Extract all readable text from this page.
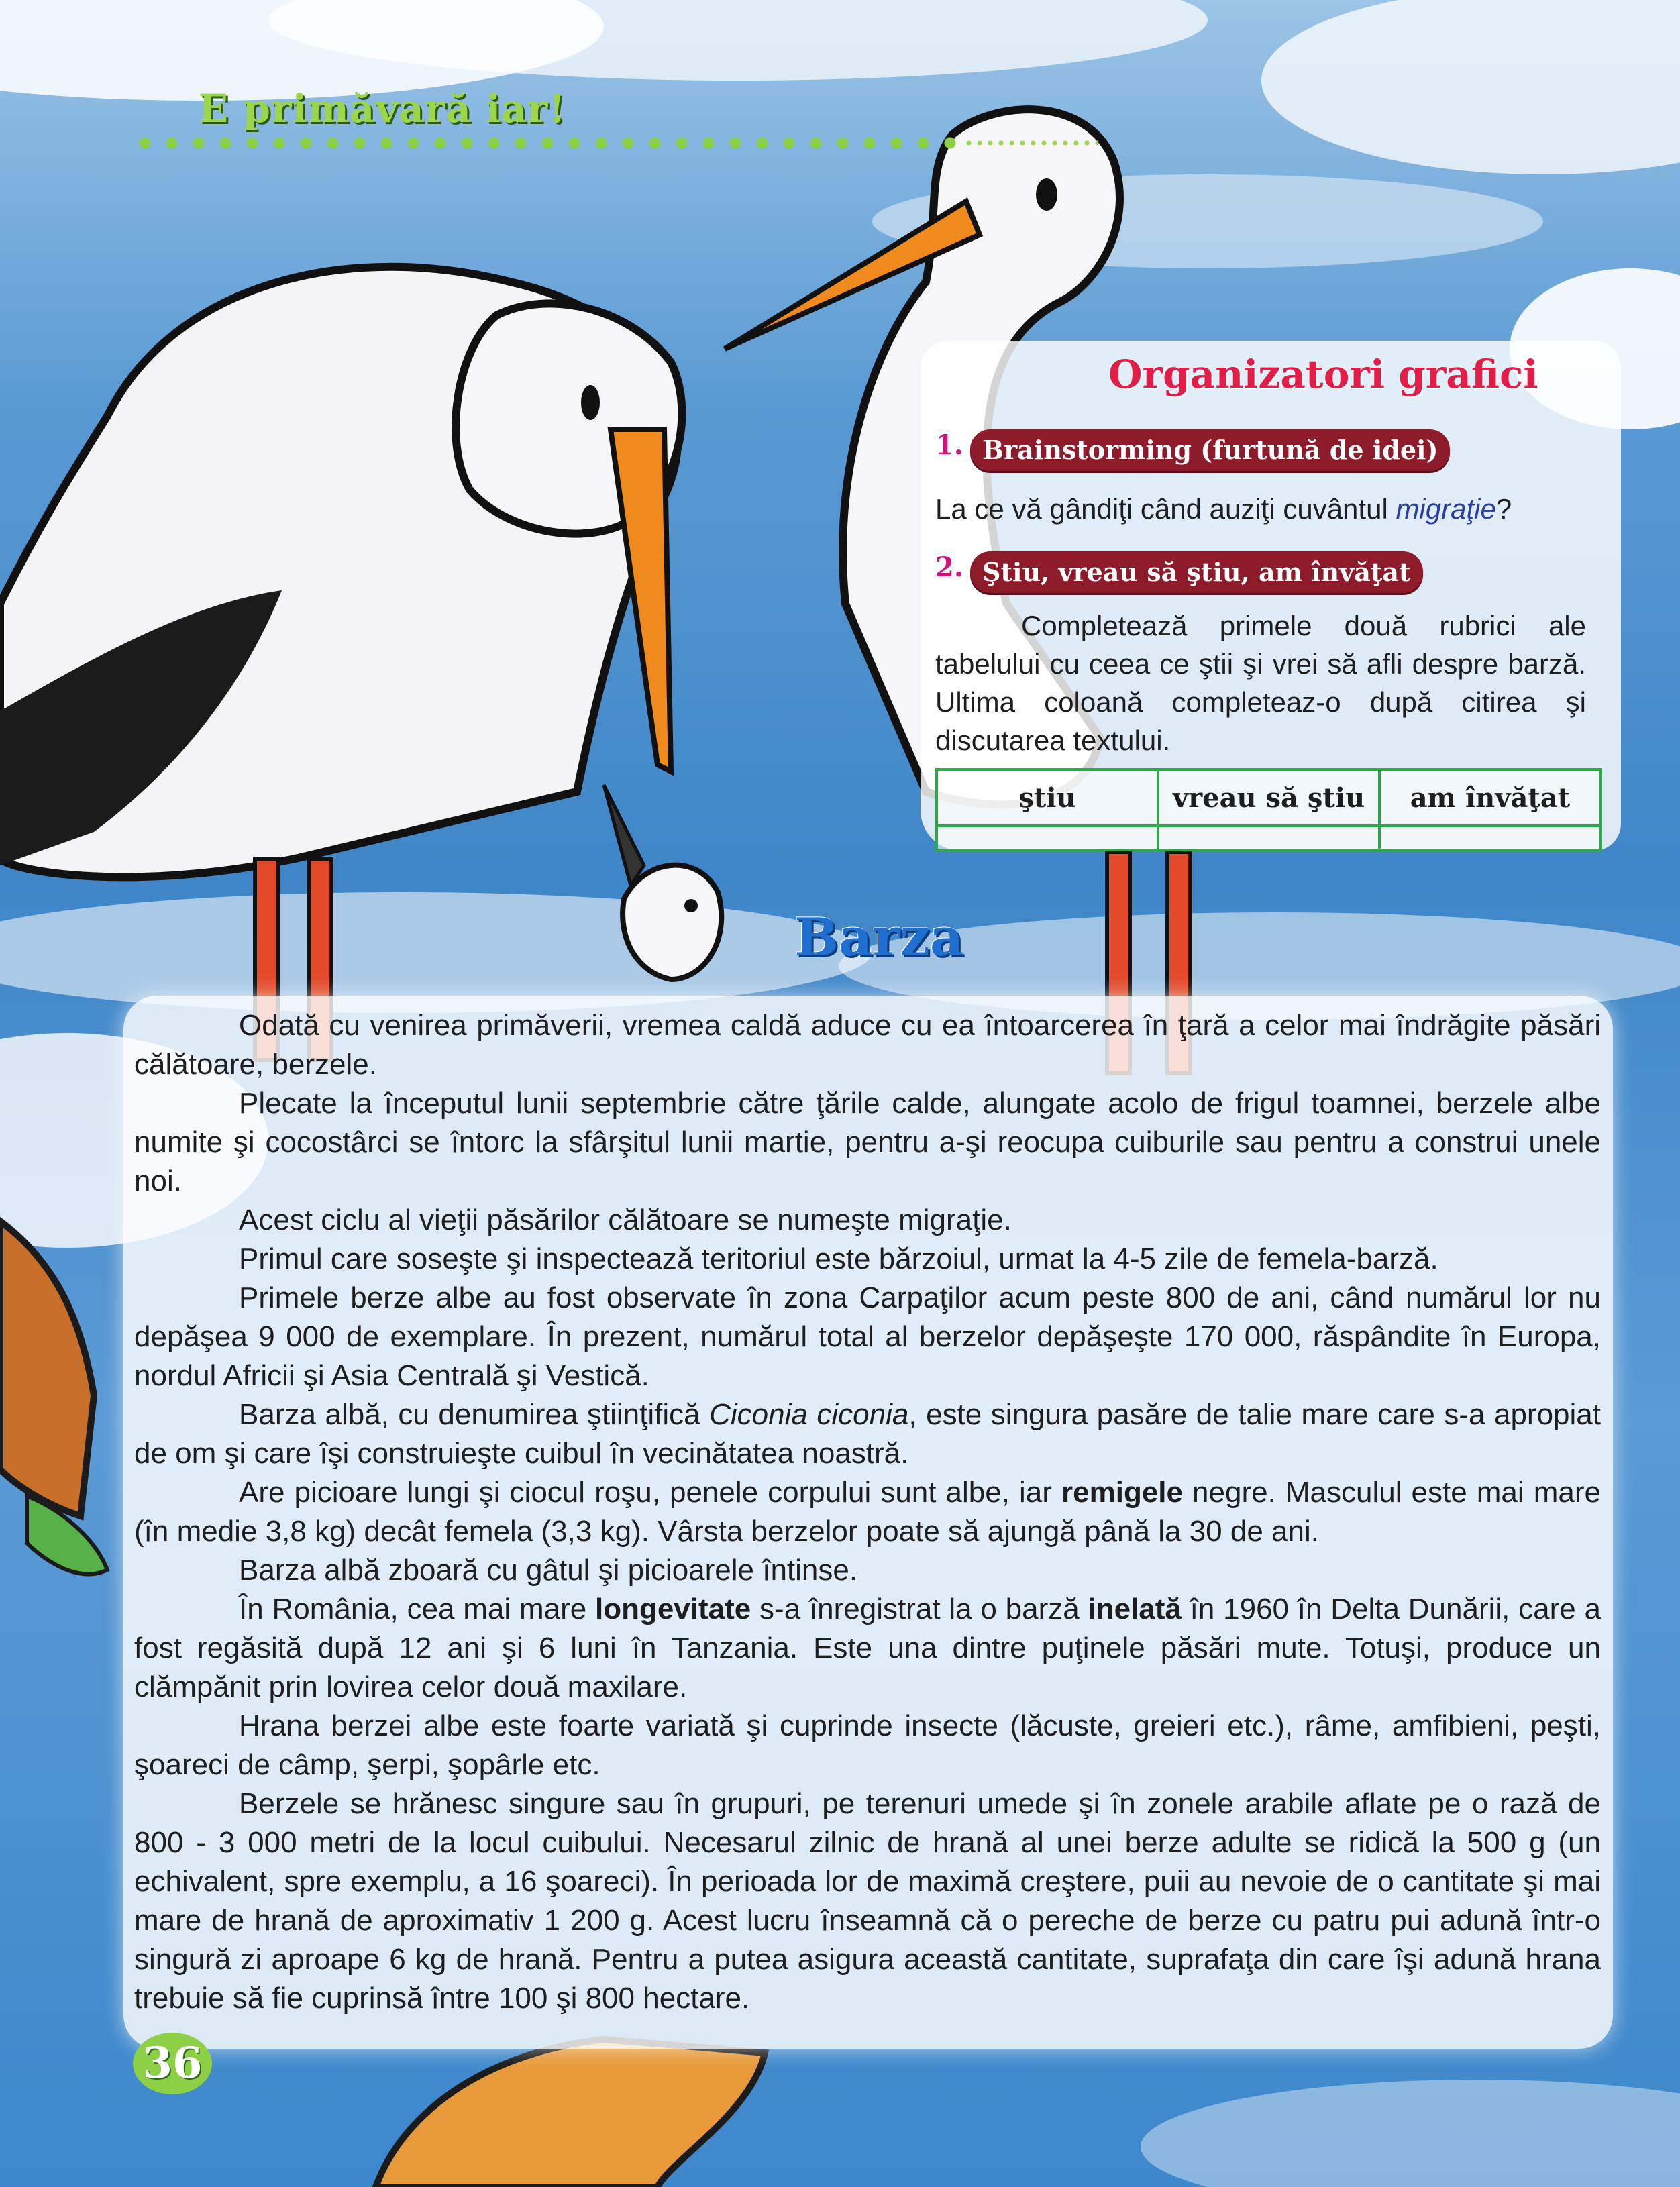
E primăvară iar!
Organizatori grafici
1. Brainstorming (furtună de idei)

La ce vă gândiţi când auziţi cuvântul migraţie?

2. Ştiu, vreau să ştiu, am învăţat

Completează primele două rubrici ale tabelului cu ceea ce ştii şi vrei să afli despre barză. Ultima coloană completeaz-o după citirea şi discutarea textului.

ştiu	vreau să ştiu	am învăţat

Barza

Odată cu venirea primăverii, vremea caldă aduce cu ea întoarcerea în ţară a celor mai îndrăgite păsări călătoare, berzele.

Plecate la începutul lunii septembrie către ţările calde, alungate acolo de frigul toamnei, berzele albe numite şi cocostârci se întorc la sfârşitul lunii martie, pentru a-şi reocupa cuiburile sau pentru a construi unele noi.

Acest ciclu al vieţii păsărilor călătoare se numeşte migraţie.

Primul care soseşte şi inspectează teritoriul este bărzoiul, urmat la 4-5 zile de femela-barză.

Primele berze albe au fost observate în zona Carpaţilor acum peste 800 de ani, când numărul lor nu depăşea 9 000 de exemplare. În prezent, numărul total al berzelor depăşeşte 170 000, răspândite în Europa, nordul Africii şi Asia Centrală şi Vestică.

Barza albă, cu denumirea ştiinţifică Ciconia ciconia, este singura pasăre de talie mare care s-a apropiat de om şi care îşi construieşte cuibul în vecinătatea noastră.

Are picioare lungi şi ciocul roşu, penele corpului sunt albe, iar remigele negre. Masculul este mai mare (în medie 3,8 kg) decât femela (3,3 kg). Vârsta berzelor poate să ajungă până la 30 de ani.

Barza albă zboară cu gâtul şi picioarele întinse.

În România, cea mai mare longevitate s-a înregistrat la o barză inelată în 1960 în Delta Dunării, care a fost regăsită după 12 ani şi 6 luni în Tanzania. Este una dintre puţinele păsări mute. Totuşi, produce un clămpănit prin lovirea celor două maxilare.

Hrana berzei albe este foarte variată şi cuprinde insecte (lăcuste, greieri etc.), râme, amfibieni, peşti, şoareci de câmp, şerpi, şopârle etc.

Berzele se hrănesc singure sau în grupuri, pe terenuri umede şi în zonele arabile aflate pe o rază de 800 - 3 000 metri de la locul cuibului. Necesarul zilnic de hrană al unei berze adulte se ridică la 500 g (un echivalent, spre exemplu, a 16 şoareci). În perioada lor de maximă creştere, puii au nevoie de o cantitate şi mai mare de hrană de aproximativ 1 200 g. Acest lucru înseamnă că o pereche de berze cu patru pui adună într-o singură zi aproape 6 kg de hrană. Pentru a putea asigura această cantitate, suprafaţa din care îşi adună hrana trebuie să fie cuprinsă între 100 şi 800 hectare.

36
